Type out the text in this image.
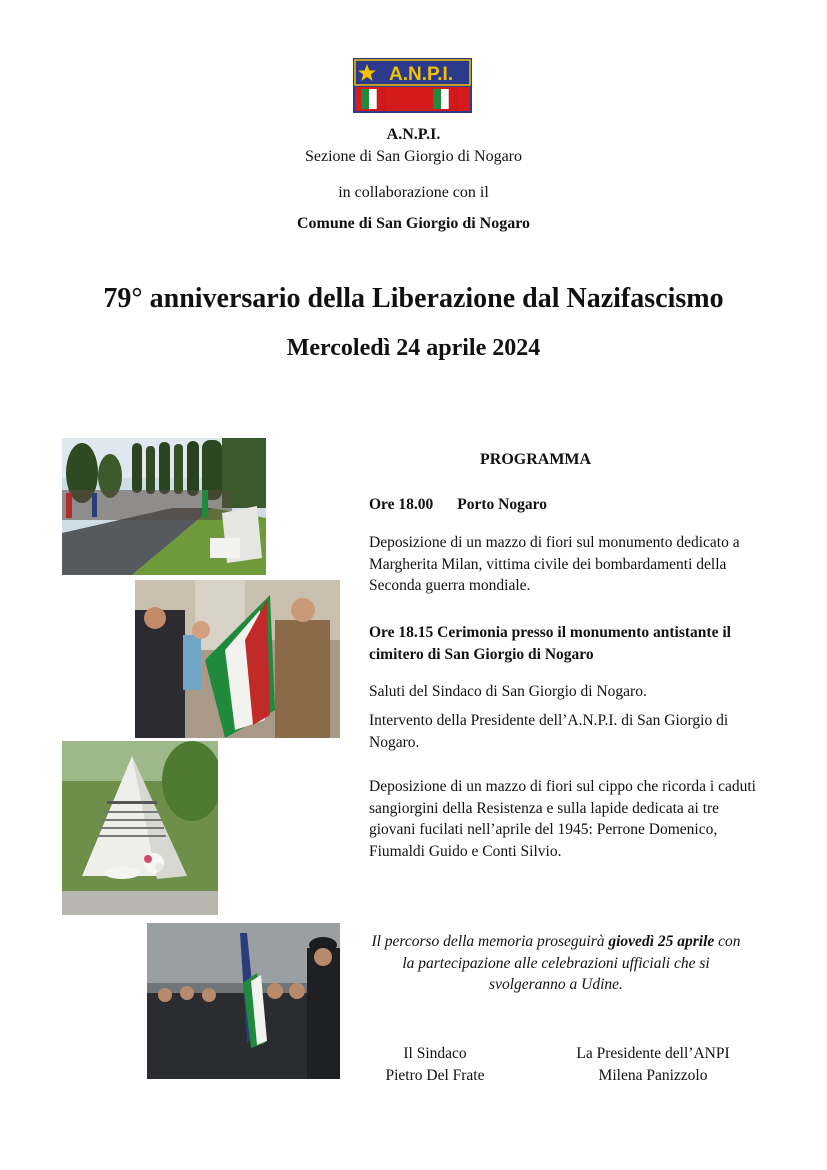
A.N.P.I.
A.N.P.I.
Sezione di San Giorgio di Nogaro
in collaborazione con il
Comune di San Giorgio di Nogaro
79° anniversario della Liberazione dal Nazifascismo
Mercoledì 24 aprile 2024
PROGRAMMA
Ore 18.00 Porto Nogaro
Deposizione di un mazzo di fiori sul monumento dedicato a Margherita Milan, vittima civile dei bombardamenti della Seconda guerra mondiale.
Ore 18.15 Cerimonia presso il monumento antistante il cimitero di San Giorgio di Nogaro
Saluti del Sindaco di San Giorgio di Nogaro.
Intervento della Presidente dell’A.N.P.I. di San Giorgio di Nogaro.
Deposizione di un mazzo di fiori sul cippo che ricorda i caduti sangiorgini della Resistenza e sulla lapide dedicata ai tre giovani fucilati nell’aprile del 1945: Perrone Domenico, Fiumaldi Guido e Conti Silvio.
Il percorso della memoria proseguirà giovedì 25 aprile con la partecipazione alle celebrazioni ufficiali che si svolgeranno a Udine.
Il Sindaco
Pietro Del Frate
La Presidente dell’ANPI
Milena Panizzolo
